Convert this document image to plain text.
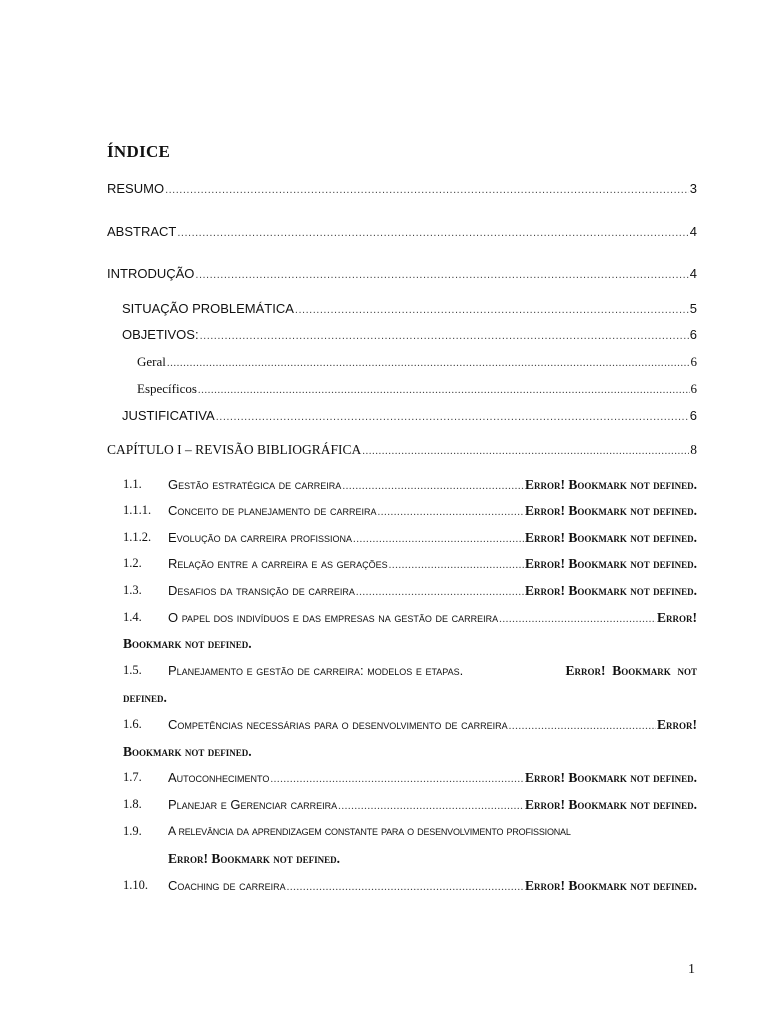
ÍNDICE
RESUMO .....	3
ABSTRACT .....	4
INTRODUÇÃO .....	4
SITUAÇÃO PROBLEMÁTICA .....	5
OBJETIVOS: .....	6
Geral .....	6
Específicos .....	6
JUSTIFICATIVA .....	6
CAPÍTULO I – REVISÃO BIBLIOGRÁFICA .....	8
1.1. Gestão estratégica de carreira .....	Error! Bookmark not defined.
1.1.1. Conceito de planejamento de carreira .....	Error! Bookmark not defined.
1.1.2. Evolução da carreira profissiona .....	Error! Bookmark not defined.
1.2. Relação entre a carreira e as gerações .....	Error! Bookmark not defined.
1.3. Desafios da transição de carreira .....	Error! Bookmark not defined.
1.4. O papel dos indivíduos e das empresas na gestão de carreira .....	Error!
Bookmark not defined.
1.5. Planejamento e gestão de carreira: modelos e etapas.	Error!  Bookmark  not
defined.
1.6. Competências necessárias para o desenvolvimento de carreira .....	Error!
Bookmark not defined.
1.7. Autoconhecimento .....	Error! Bookmark not defined.
1.8. Planejar e Gerenciar carreira .....	Error! Bookmark not defined.
1.9. A relevância da aprendizagem constante para o desenvolvimento profissional
Error! Bookmark not defined.
1.10. Coaching de carreira .....	Error! Bookmark not defined.
1
